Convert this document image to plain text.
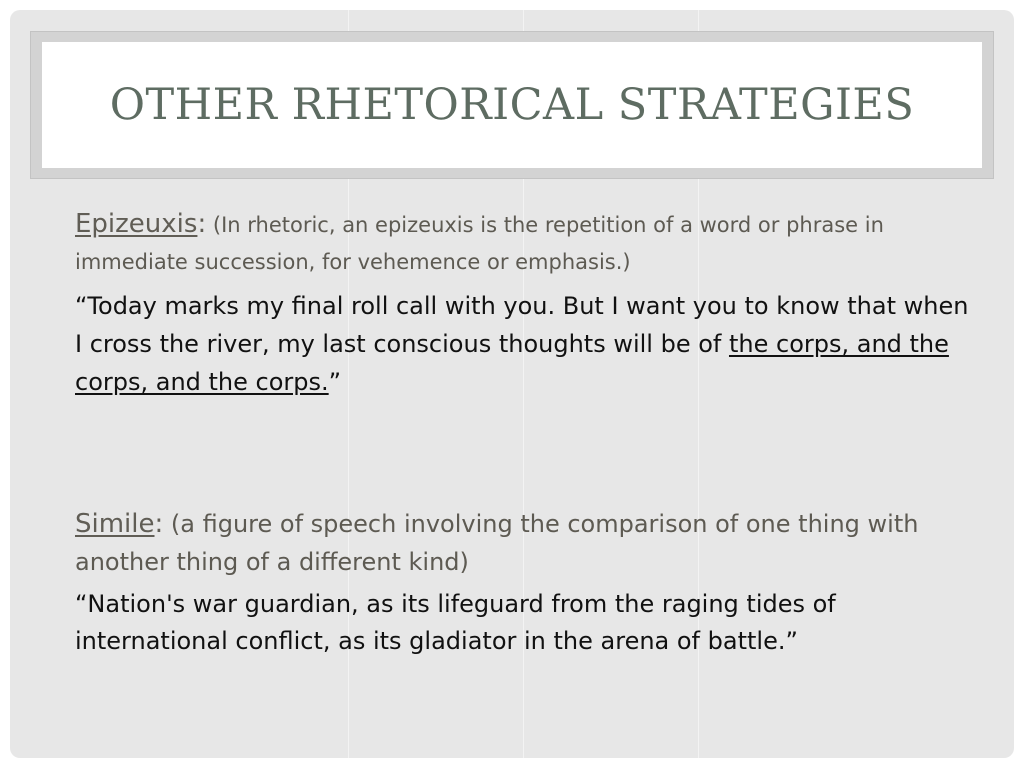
OTHER RHETORICAL STRATEGIES

Epizeuxis: (In rhetoric, an epizeuxis is the repetition of a word or phrase in immediate succession, for vehemence or emphasis.)

“Today marks my final roll call with you. But I want you to know that when I cross the river, my last conscious thoughts will be of the corps, and the corps, and the corps.”

Simile: (a figure of speech involving the comparison of one thing with another thing of a different kind)

“Nation's war guardian, as its lifeguard from the raging tides of international conflict, as its gladiator in the arena of battle.”
